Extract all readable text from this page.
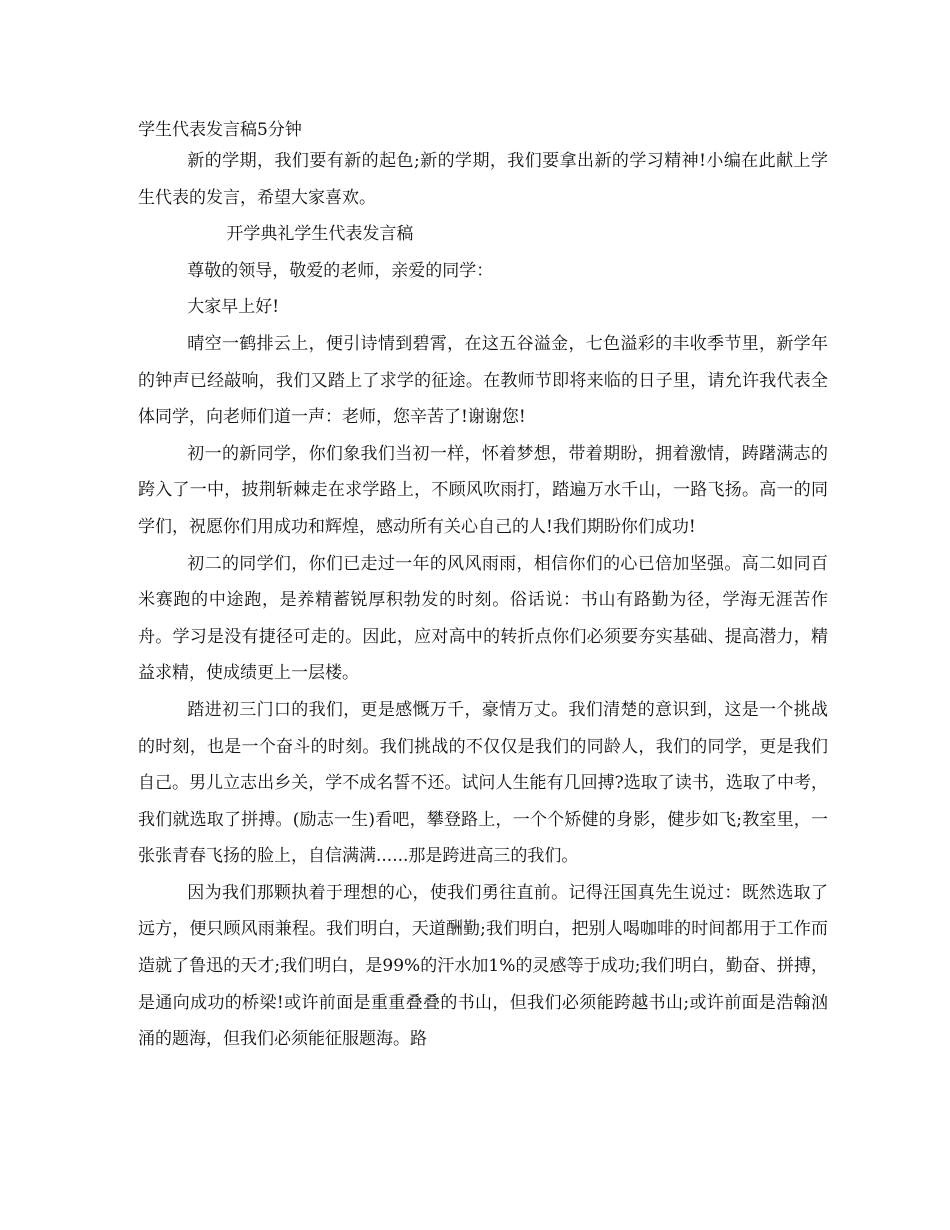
学生代表发言稿5分钟

新的学期，我们要有新的起色;新的学期，我们要拿出新的学习精神!小编在此献上学生代表的发言，希望大家喜欢。

开学典礼学生代表发言稿

尊敬的领导，敬爱的老师，亲爱的同学：

大家早上好!

晴空一鹤排云上，便引诗情到碧霄，在这五谷溢金，七色溢彩的丰收季节里，新学年的钟声已经敲响，我们又踏上了求学的征途。在教师节即将来临的日子里，请允许我代表全体同学，向老师们道一声：老师，您辛苦了!谢谢您!

初一的新同学，你们象我们当初一样，怀着梦想，带着期盼，拥着激情，踌躇满志的跨入了一中，披荆斩棘走在求学路上，不顾风吹雨打，踏遍万水千山，一路飞扬。高一的同学们，祝愿你们用成功和辉煌，感动所有关心自己的人!我们期盼你们成功!

初二的同学们，你们已走过一年的风风雨雨，相信你们的心已倍加坚强。高二如同百米赛跑的中途跑，是养精蓄锐厚积勃发的时刻。俗话说：书山有路勤为径，学海无涯苦作舟。学习是没有捷径可走的。因此，应对高中的转折点你们必须要夯实基础、提高潜力，精益求精，使成绩更上一层楼。

踏进初三门口的我们，更是感慨万千，豪情万丈。我们清楚的意识到，这是一个挑战的时刻，也是一个奋斗的时刻。我们挑战的不仅仅是我们的同龄人，我们的同学，更是我们自己。男儿立志出乡关，学不成名誓不还。试问人生能有几回搏?选取了读书，选取了中考，我们就选取了拼搏。(励志一生)看吧，攀登路上，一个个矫健的身影，健步如飞;教室里，一张张青春飞扬的脸上，自信满满......那是跨进高三的我们。

因为我们那颗执着于理想的心，使我们勇往直前。记得汪国真先生说过：既然选取了远方，便只顾风雨兼程。我们明白，天道酬勤;我们明白，把别人喝咖啡的时间都用于工作而造就了鲁迅的天才;我们明白，是99%的汗水加1%的灵感等于成功;我们明白，勤奋、拼搏，是通向成功的桥梁!或许前面是重重叠叠的书山，但我们必须能跨越书山;或许前面是浩翰汹涌的题海，但我们必须能征服题海。路
